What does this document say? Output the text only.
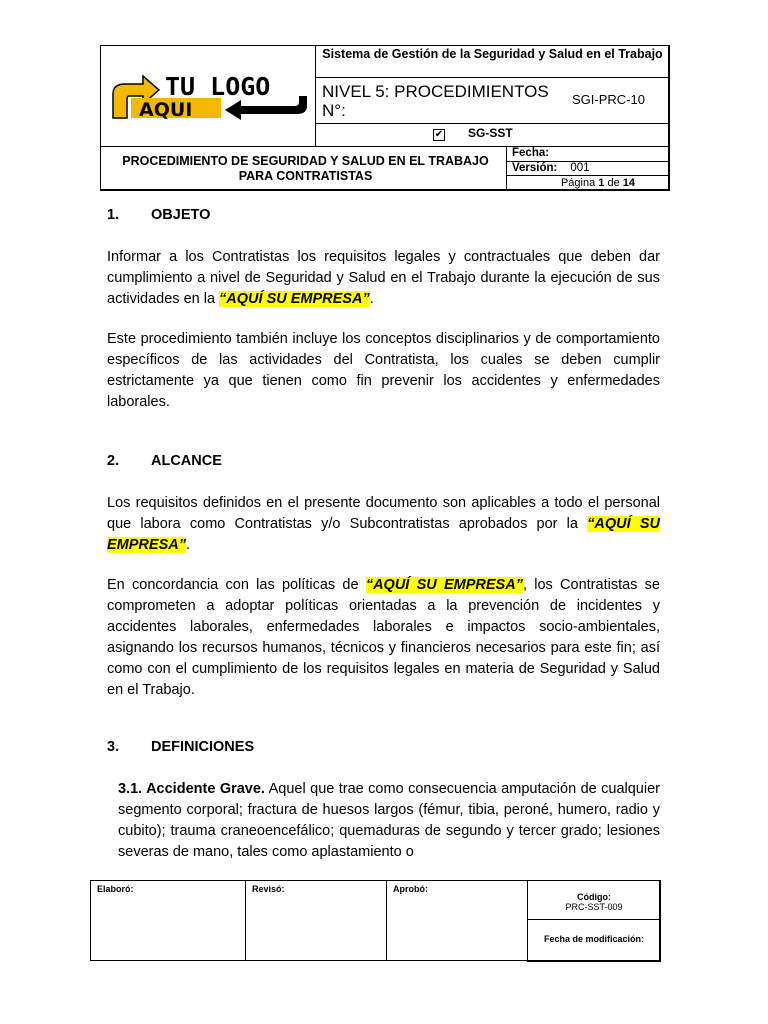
TU LOGO
AQUI
Sistema de Gestión de la Seguridad y Salud en el Trabajo
NIVEL 5: PROCEDIMIENTOS N°:
SGI-PRC-10
✔ SG-SST
PROCEDIMIENTO DE SEGURIDAD Y SALUD EN EL TRABAJO PARA CONTRATISTAS
Fecha:
Versión: 001
Página 1 de 14
1. OBJETO
Informar a los Contratistas los requisitos legales y contractuales que deben dar cumplimiento a nivel de Seguridad y Salud en el Trabajo durante la ejecución de sus actividades en la “AQUÍ SU EMPRESA”.
Este procedimiento también incluye los conceptos disciplinarios y de comportamiento específicos de las actividades del Contratista, los cuales se deben cumplir estrictamente ya que tienen como fin prevenir los accidentes y enfermedades laborales.
2. ALCANCE
Los requisitos definidos en el presente documento son aplicables a todo el personal que labora como Contratistas y/o Subcontratistas aprobados por la “AQUÍ SU EMPRESA”.
En concordancia con las políticas de “AQUÍ SU EMPRESA”, los Contratistas se comprometen a adoptar políticas orientadas a la prevención de incidentes y accidentes laborales, enfermedades laborales e impactos socio-ambientales, asignando los recursos humanos, técnicos y financieros necesarios para este fin; así como con el cumplimiento de los requisitos legales en materia de Seguridad y Salud en el Trabajo.
3. DEFINICIONES
3.1. Accidente Grave. Aquel que trae como consecuencia amputación de cualquier segmento corporal; fractura de huesos largos (fémur, tibia, peroné, humero, radio y cubito); trauma craneoencefálico; quemaduras de segundo y tercer grado; lesiones severas de mano, tales como aplastamiento o
Elaboró:	Revisó:	Aprobó:
Código:
PRC-SST-009
Fecha de modificación:
